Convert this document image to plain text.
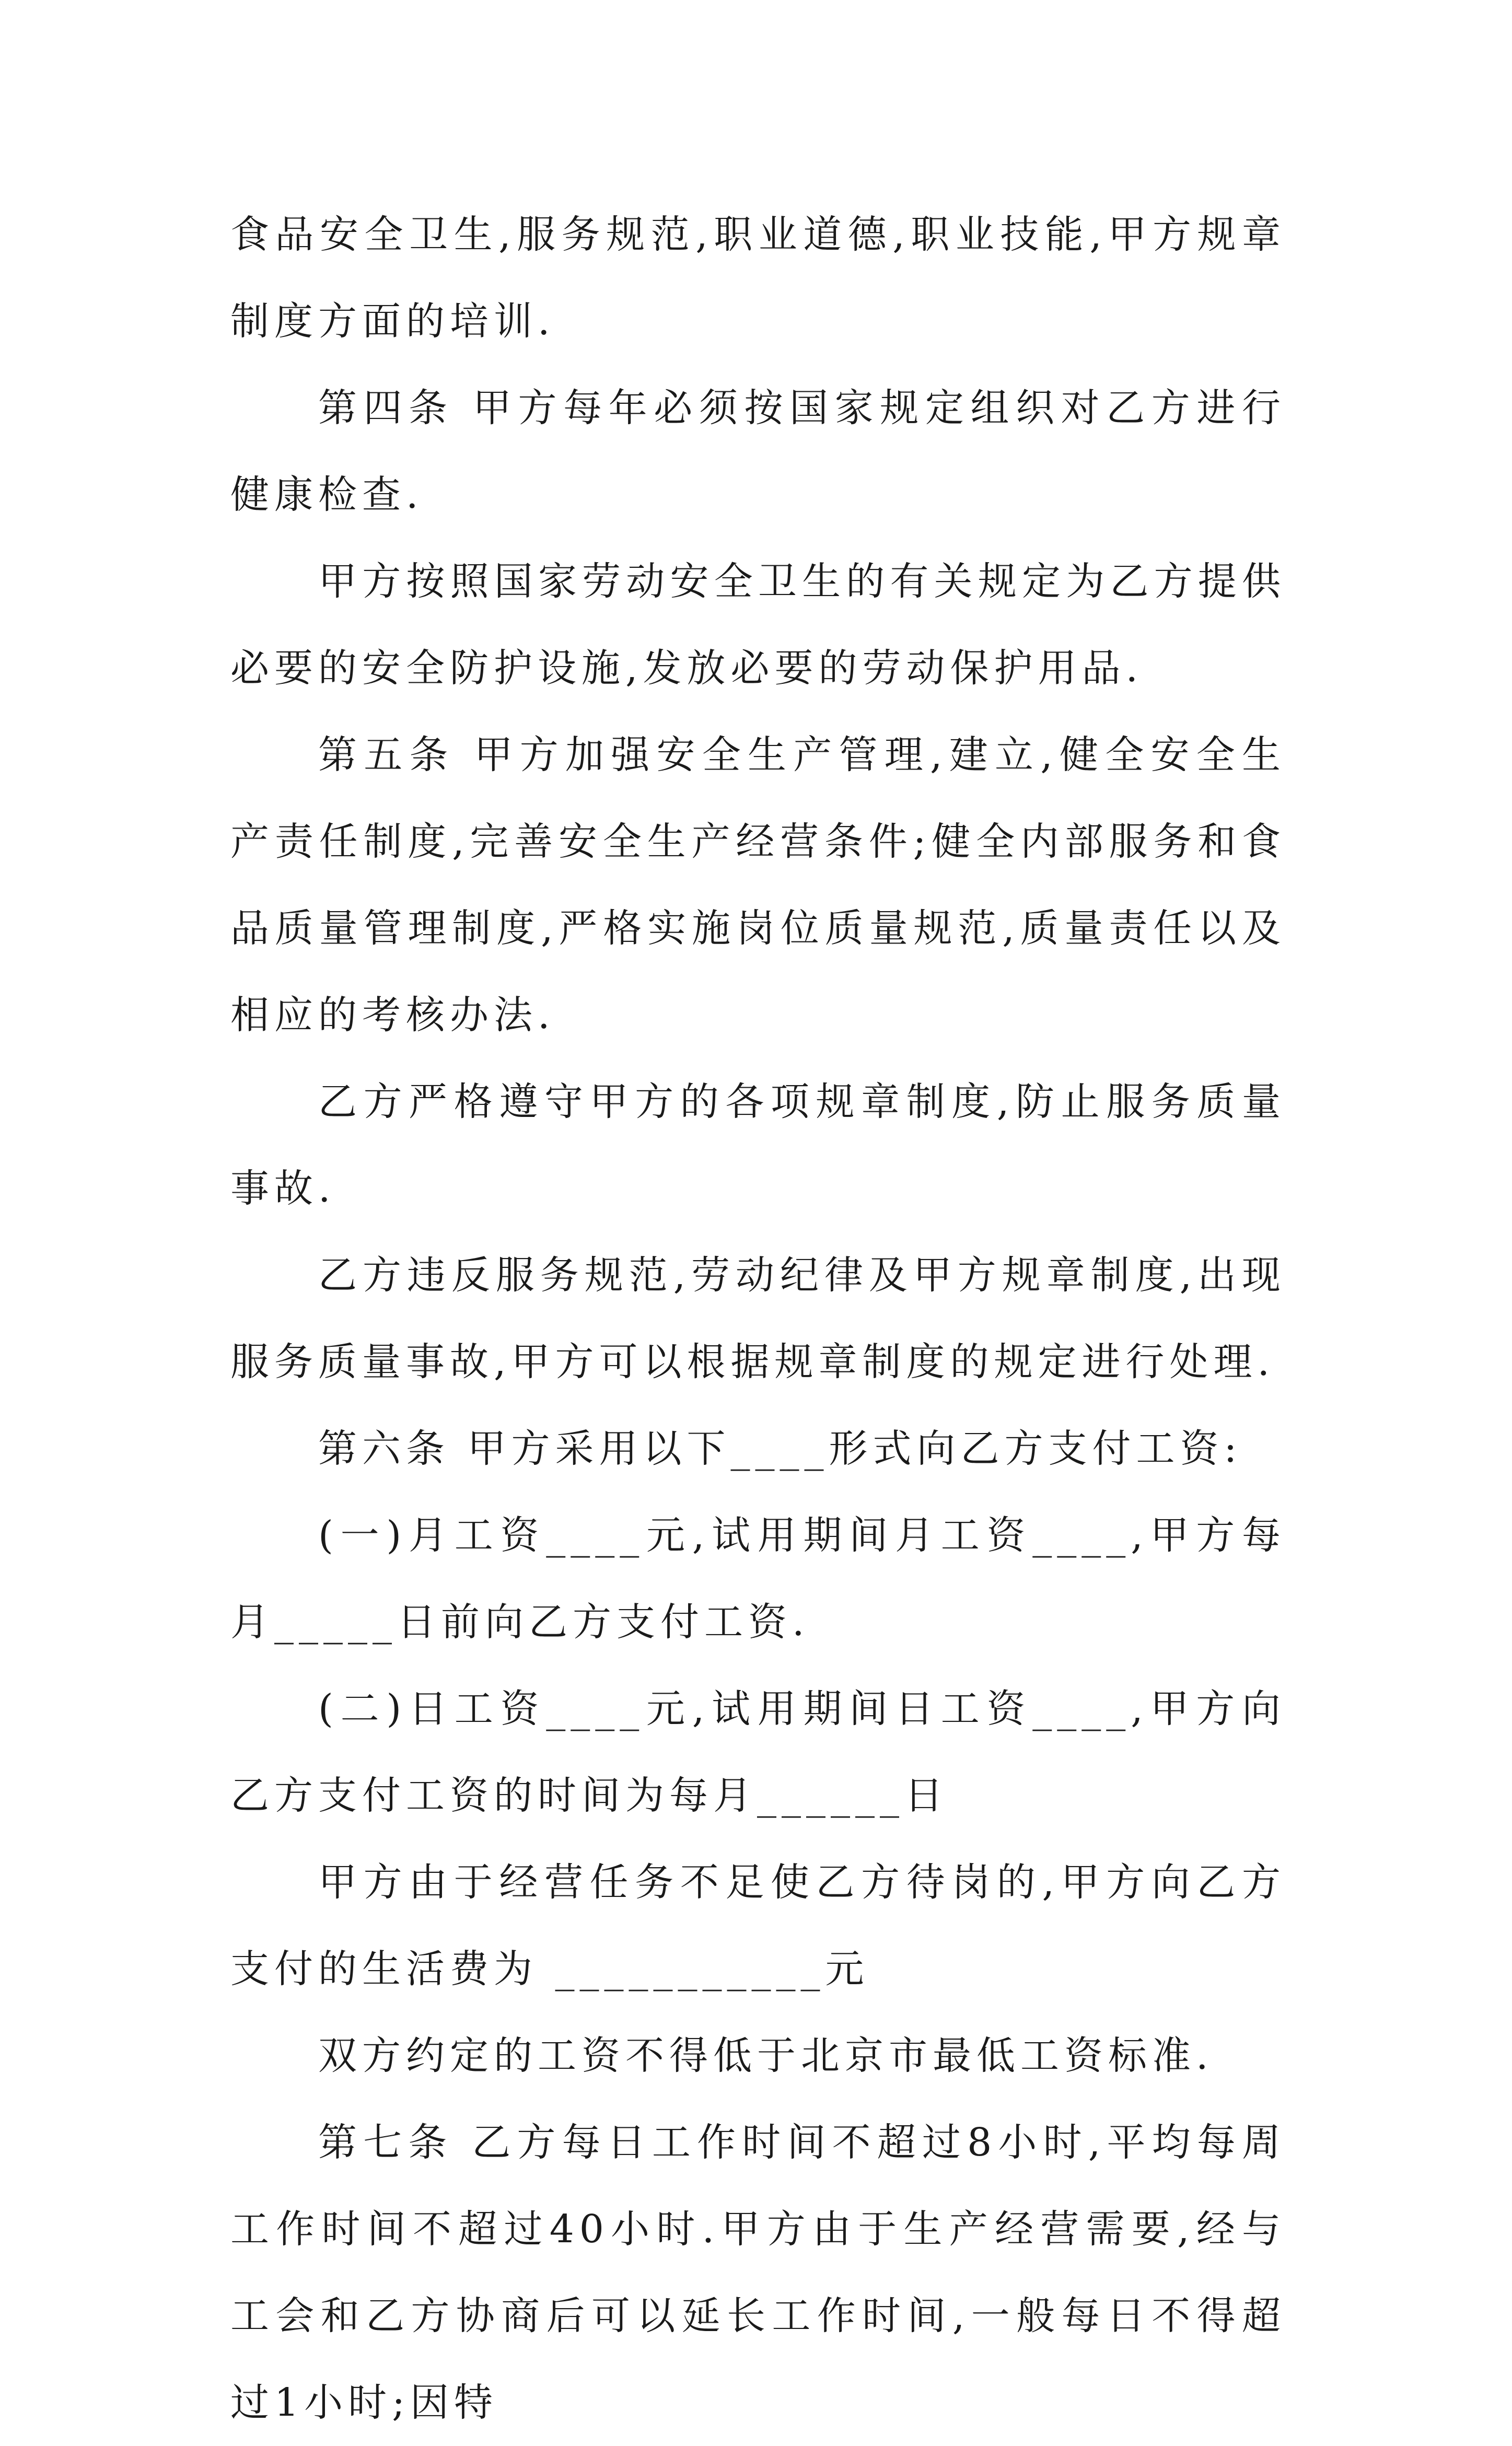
食品安全卫生,服务规范,职业道德,职业技能,甲方规章制度方面的培训.

第四条 甲方每年必须按国家规定组织对乙方进行健康检查.

甲方按照国家劳动安全卫生的有关规定为乙方提供必要的安全防护设施,发放必要的劳动保护用品.

第五条 甲方加强安全生产管理,建立,健全安全生产责任制度,完善安全生产经营条件;健全内部服务和食品质量管理制度,严格实施岗位质量规范,质量责任以及相应的考核办法.

乙方严格遵守甲方的各项规章制度,防止服务质量事故.

乙方违反服务规范,劳动纪律及甲方规章制度,出现服务质量事故,甲方可以根据规章制度的规定进行处理.

第六条 甲方采用以下____形式向乙方支付工资:

(一)月工资____元,试用期间月工资____,甲方每月_____日前向乙方支付工资.

(二)日工资____元,试用期间日工资____,甲方向乙方支付工资的时间为每月______日

甲方由于经营任务不足使乙方待岗的,甲方向乙方支付的生活费为 ___________元

双方约定的工资不得低于北京市最低工资标准.

第七条 乙方每日工作时间不超过8小时,平均每周工作时间不超过40小时.甲方由于生产经营需要,经与工会和乙方协商后可以延长工作时间,一般每日不得超过1小时;因特
